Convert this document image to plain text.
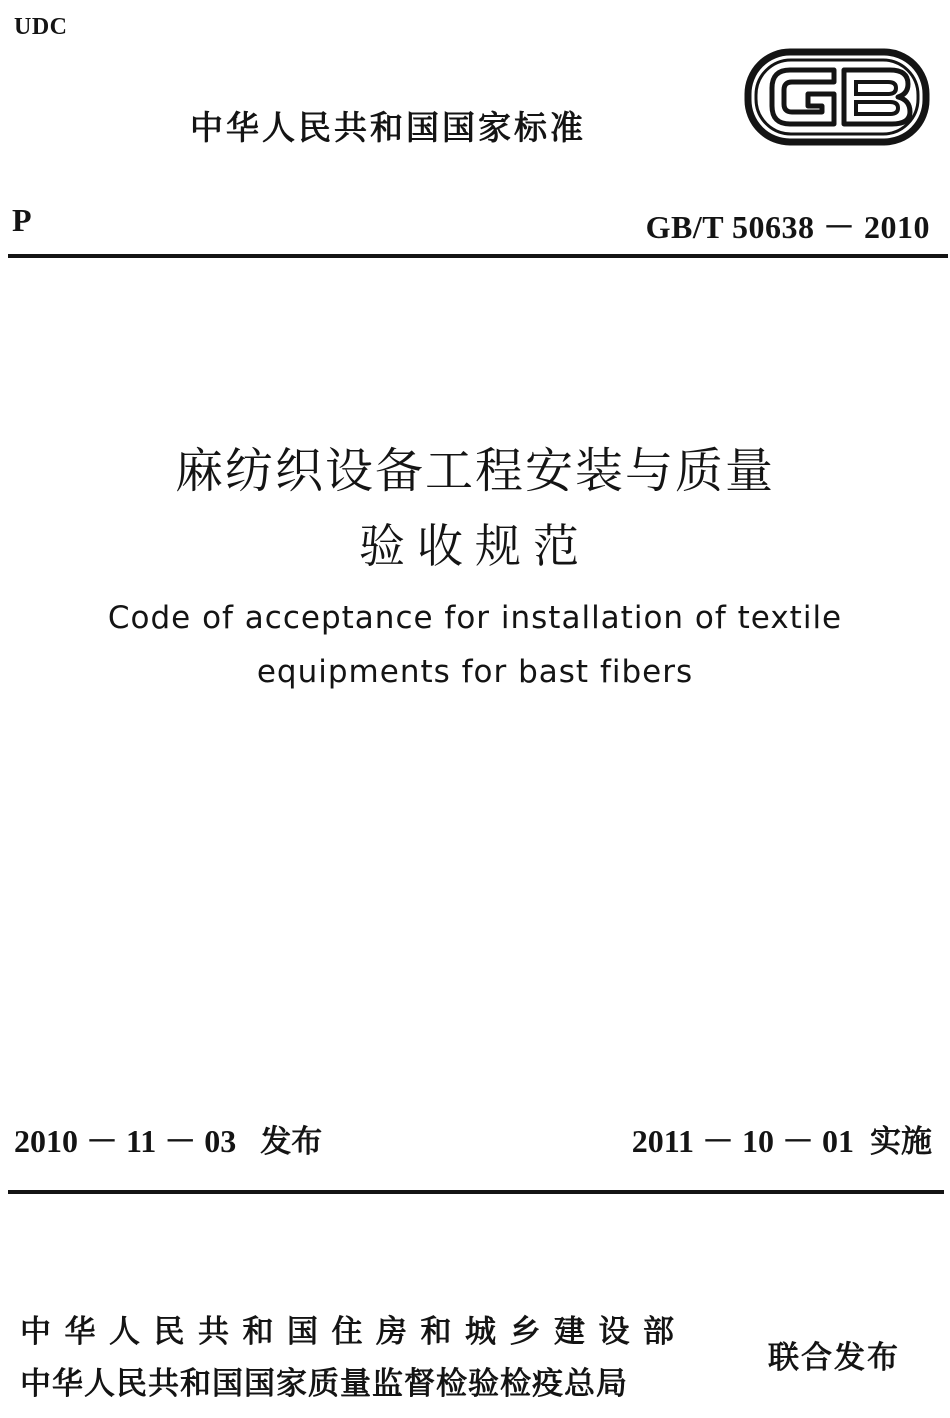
UDC
中华人民共和国国家标准
P	GB/T 50638 － 2010
麻纺织设备工程安装与质量
验收规范
Code of acceptance for installation of textile
equipments for bast fibers
2010 － 11 － 03 发布	2011 － 10 － 01 实施
中华人民共和国住房和城乡建设部
中华人民共和国国家质量监督检验检疫总局
联合发布
